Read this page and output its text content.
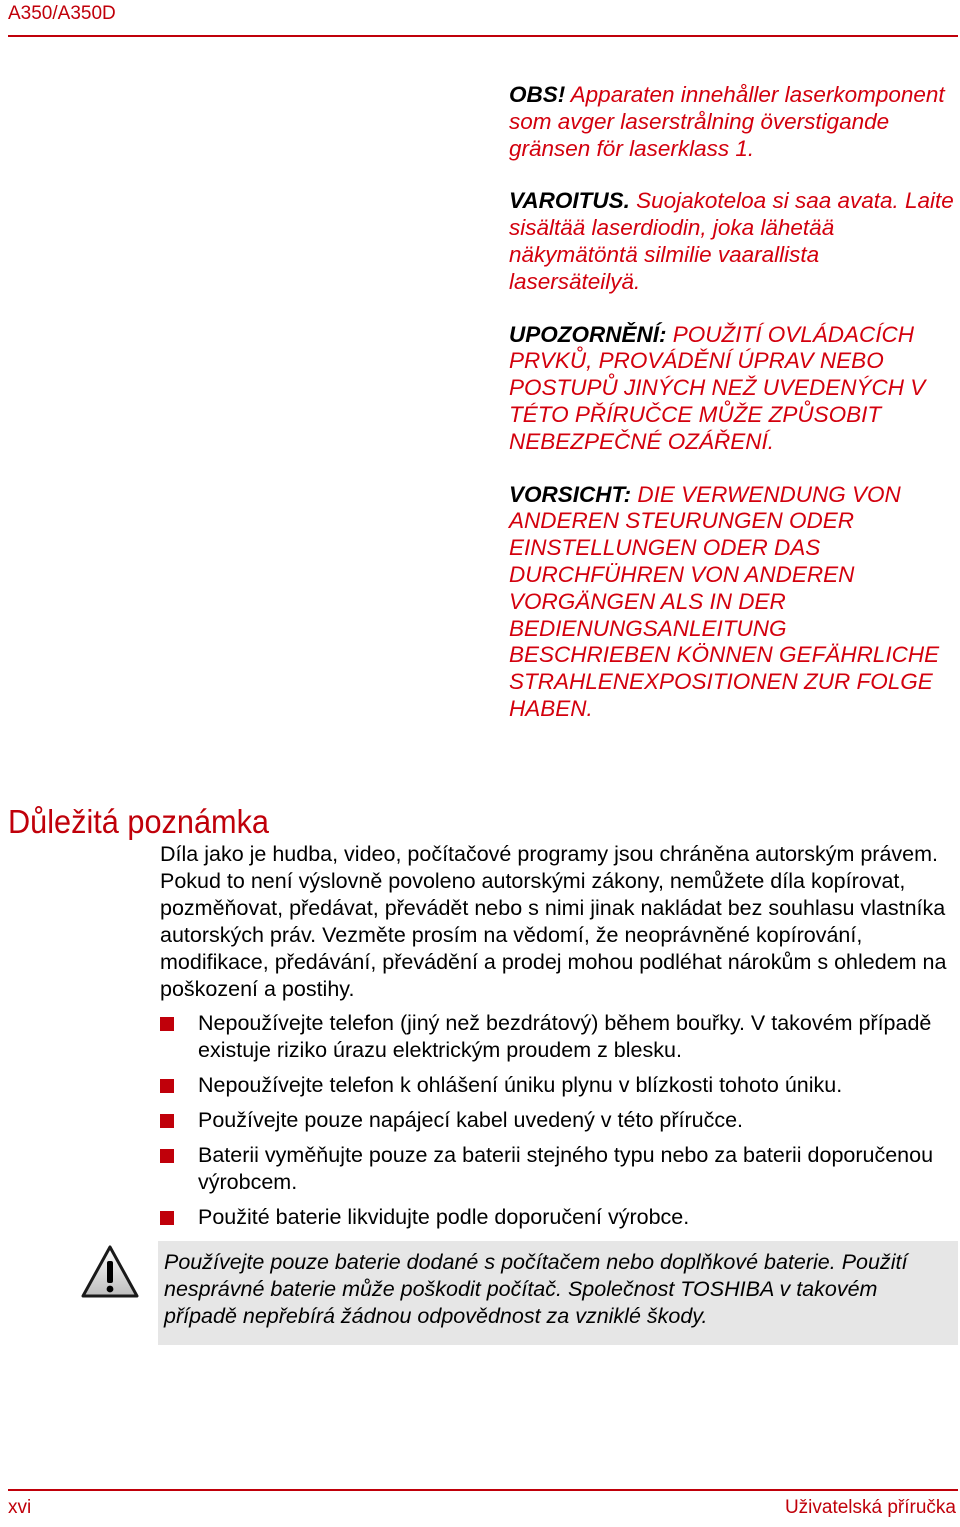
A350/A350D

OBS! Apparaten innehåller laserkomponent som avger laserstrålning överstigande gränsen för laserklass 1.

VAROITUS. Suojakoteloa si saa avata. Laite sisältää laserdiodin, joka lähetää näkymätöntä silmilie vaarallista lasersäteilyä.

UPOZORNĚNÍ: POUŽITÍ OVLÁDACÍCH PRVKŮ, PROVÁDĚNÍ ÚPRAV NEBO POSTUPŮ JINÝCH NEŽ UVEDENÝCH V TÉTO PŘÍRUČCE MŮŽE ZPŮSOBIT NEBEZPEČNÉ OZÁŘENÍ.

VORSICHT: DIE VERWENDUNG VON ANDEREN STEURUNGEN ODER EINSTELLUNGEN ODER DAS DURCHFÜHREN VON ANDEREN VORGÄNGEN ALS IN DER BEDIENUNGSANLEITUNG BESCHRIEBEN KÖNNEN GEFÄHRLICHE STRAHLENEXPOSITIONEN ZUR FOLGE HABEN.

Důležitá poznámka

Díla jako je hudba, video, počítačové programy jsou chráněna autorským právem. Pokud to není výslovně povoleno autorskými zákony, nemůžete díla kopírovat, pozměňovat, předávat, převádět nebo s nimi jinak nakládat bez souhlasu vlastníka autorských práv. Vezměte prosím na vědomí, že neoprávněné kopírování, modifikace, předávání, převádění a prodej mohou podléhat nárokům s ohledem na poškození a postihy.

Nepoužívejte telefon (jiný než bezdrátový) během bouřky. V takovém případě existuje riziko úrazu elektrickým proudem z blesku.
Nepoužívejte telefon k ohlášení úniku plynu v blízkosti tohoto úniku.
Používejte pouze napájecí kabel uvedený v této příručce.
Baterii vyměňujte pouze za baterii stejného typu nebo za baterii doporučenou výrobcem.
Použité baterie likvidujte podle doporučení výrobce.
Používejte pouze baterie dodané s počítačem nebo doplňkové baterie. Použití nesprávné baterie může poškodit počítač. Společnost TOSHIBA v takovém případě nepřebírá žádnou odpovědnost za vzniklé škody.
xvi	Uživatelská příručka
